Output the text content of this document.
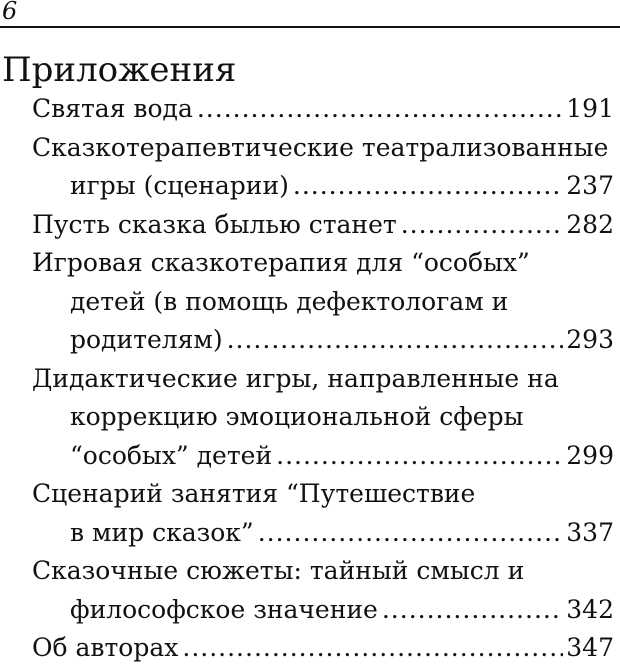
6
Приложения
Святая вода .....	191
Сказкотерапевтические театрализованные
игры (сценарии) .....	237
Пусть сказка былью станет .....	282
Игровая сказкотерапия для “особых”
детей (в помощь дефектологам и
родителям) .....	293
Дидактические игры, направленные на
коррекцию эмоциональной сферы
“особых” детей .....	299
Сценарий занятия “Путешествие
в мир сказок” .....	337
Сказочные сюжеты: тайный смысл и
философское значение .....	342
Об авторах .....	347
